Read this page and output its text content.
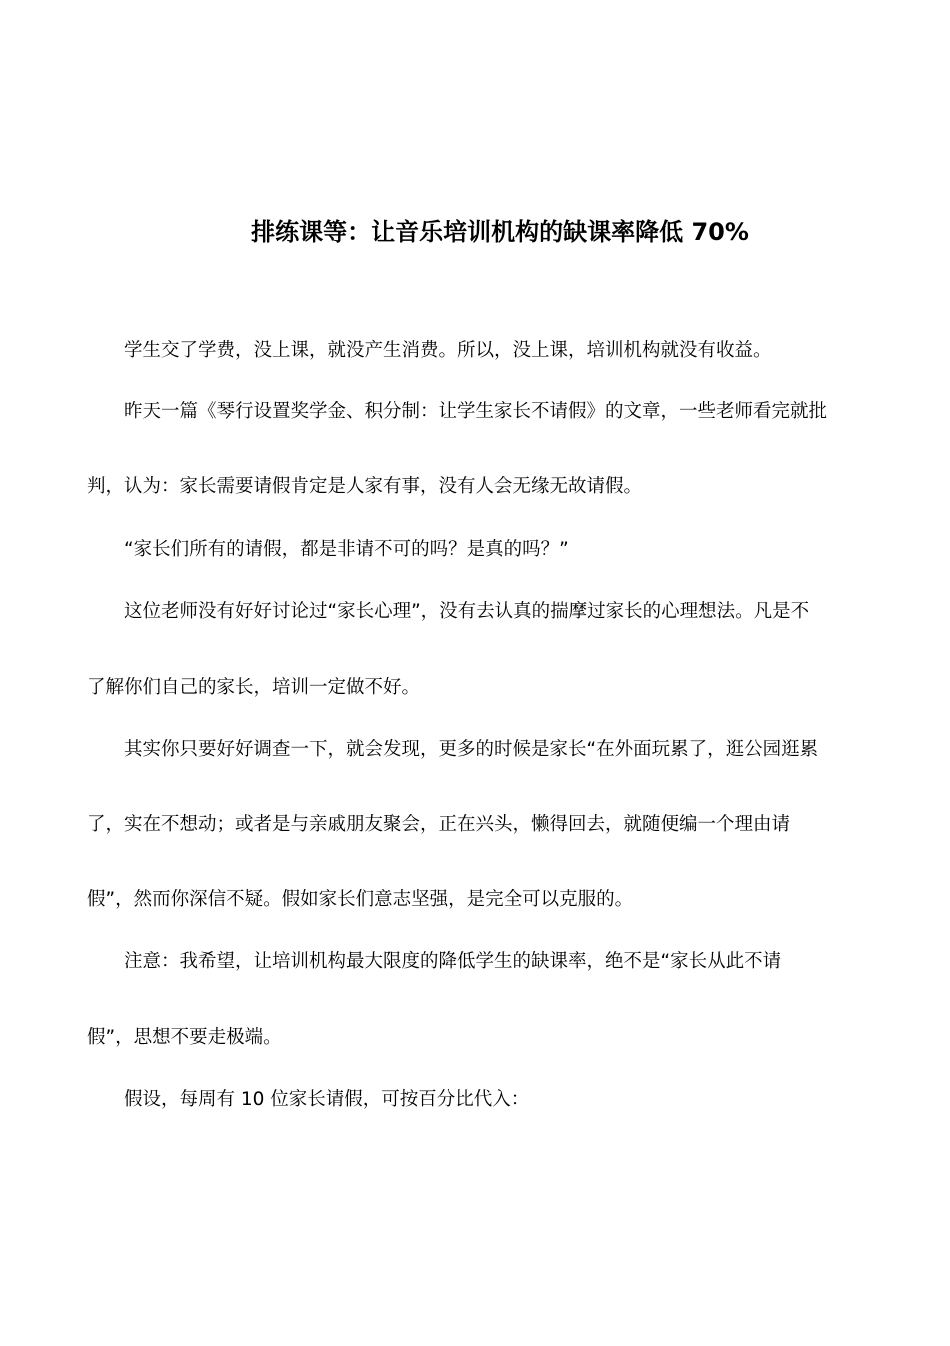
排练课等：让音乐培训机构的缺课率降低 70%

学生交了学费，没上课，就没产生消费。所以，没上课，培训机构就没有收益。

昨天一篇《琴行设置奖学金、积分制：让学生家长不请假》的文章，一些老师看完就批

判，认为：家长需要请假肯定是人家有事，没有人会无缘无故请假。

“家长们所有的请假，都是非请不可的吗？是真的吗？”

这位老师没有好好讨论过“家长心理”，没有去认真的揣摩过家长的心理想法。凡是不

了解你们自己的家长，培训一定做不好。

其实你只要好好调查一下，就会发现，更多的时候是家长“在外面玩累了，逛公园逛累

了，实在不想动；或者是与亲戚朋友聚会，正在兴头，懒得回去，就随便编一个理由请

假”，然而你深信不疑。假如家长们意志坚强，是完全可以克服的。

注意：我希望，让培训机构最大限度的降低学生的缺课率，绝不是“家长从此不请

假”，思想不要走极端。

假设，每周有 10 位家长请假，可按百分比代入：
